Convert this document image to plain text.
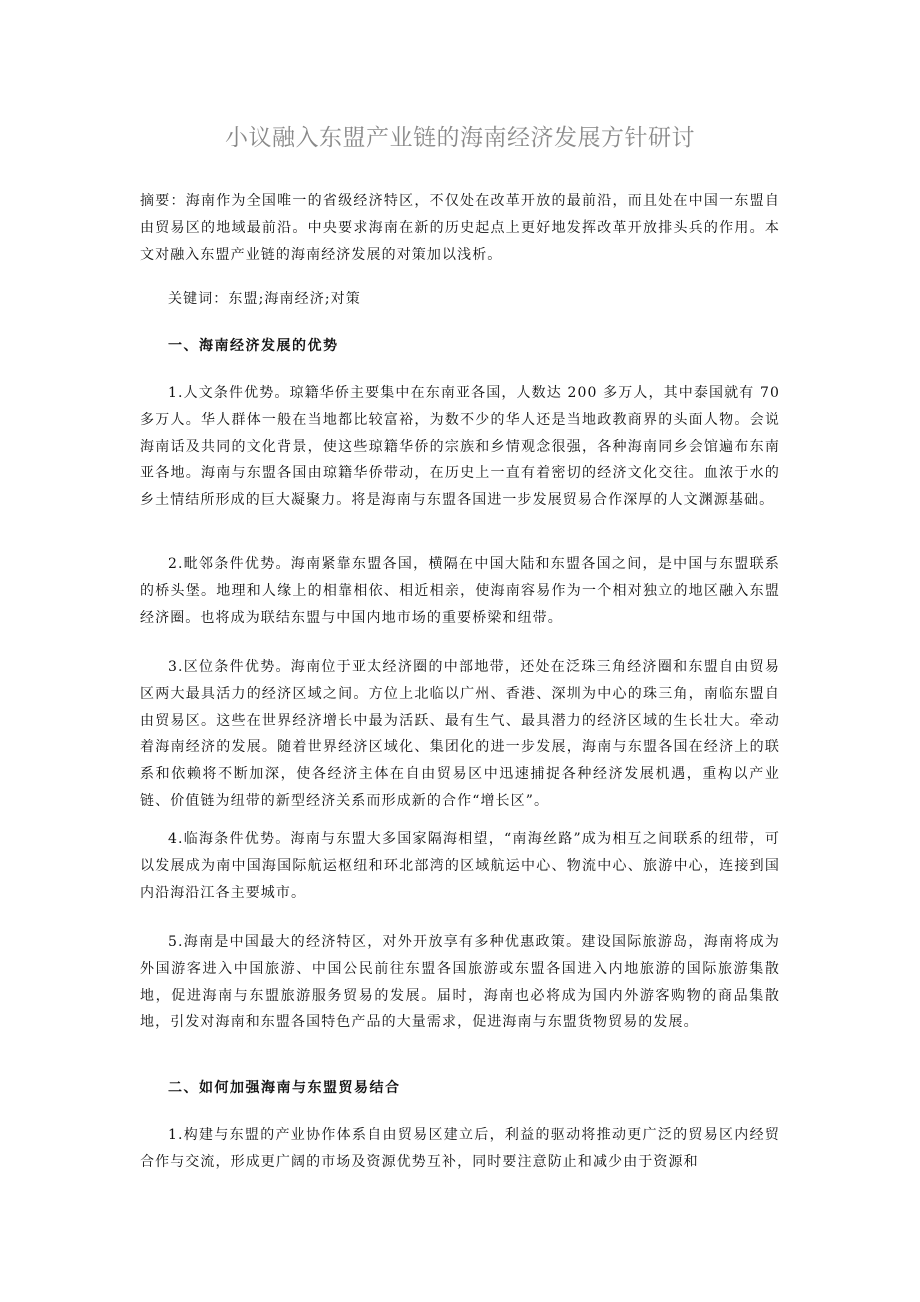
小议融入东盟产业链的海南经济发展方针研讨
摘要：海南作为全国唯一的省级经济特区，不仅处在改革开放的最前沿，而且处在中国一东盟自由贸易区的地域最前沿。中央要求海南在新的历史起点上更好地发挥改革开放排头兵的作用。本文对融入东盟产业链的海南经济发展的对策加以浅析。
关键词：东盟;海南经济;对策
一、海南经济发展的优势
1.人文条件优势。琼籍华侨主要集中在东南亚各国，人数达 200 多万人，其中泰国就有 70 多万人。华人群体一般在当地都比较富裕，为数不少的华人还是当地政教商界的头面人物。会说海南话及共同的文化背景，使这些琼籍华侨的宗族和乡情观念很强，各种海南同乡会馆遍布东南亚各地。海南与东盟各国由琼籍华侨带动，在历史上一直有着密切的经济文化交往。血浓于水的乡土情结所形成的巨大凝聚力。将是海南与东盟各国进一步发展贸易合作深厚的人文渊源基础。
2.毗邻条件优势。海南紧靠东盟各国，横隔在中国大陆和东盟各国之间，是中国与东盟联系的桥头堡。地理和人缘上的相靠相依、相近相亲，使海南容易作为一个相对独立的地区融入东盟经济圈。也将成为联结东盟与中国内地市场的重要桥梁和纽带。
3.区位条件优势。海南位于亚太经济圈的中部地带，还处在泛珠三角经济圈和东盟自由贸易区两大最具活力的经济区域之间。方位上北临以广州、香港、深圳为中心的珠三角，南临东盟自由贸易区。这些在世界经济增长中最为活跃、最有生气、最具潜力的经济区域的生长壮大。牵动着海南经济的发展。随着世界经济区域化、集团化的进一步发展，海南与东盟各国在经济上的联系和依赖将不断加深，使各经济主体在自由贸易区中迅速捕捉各种经济发展机遇，重构以产业链、价值链为纽带的新型经济关系而形成新的合作“增长区”。
4.临海条件优势。海南与东盟大多国家隔海相望，“南海丝路”成为相互之间联系的纽带，可以发展成为南中国海国际航运枢纽和环北部湾的区域航运中心、物流中心、旅游中心，连接到国内沿海沿江各主要城市。
5.海南是中国最大的经济特区，对外开放享有多种优惠政策。建设国际旅游岛，海南将成为外国游客进入中国旅游、中国公民前往东盟各国旅游或东盟各国进入内地旅游的国际旅游集散地，促进海南与东盟旅游服务贸易的发展。届时，海南也必将成为国内外游客购物的商品集散地，引发对海南和东盟各国特色产品的大量需求，促进海南与东盟货物贸易的发展。
二、如何加强海南与东盟贸易结合
1.构建与东盟的产业协作体系自由贸易区建立后，利益的驱动将推动更广泛的贸易区内经贸合作与交流，形成更广阔的市场及资源优势互补，同时要注意防止和减少由于资源和
